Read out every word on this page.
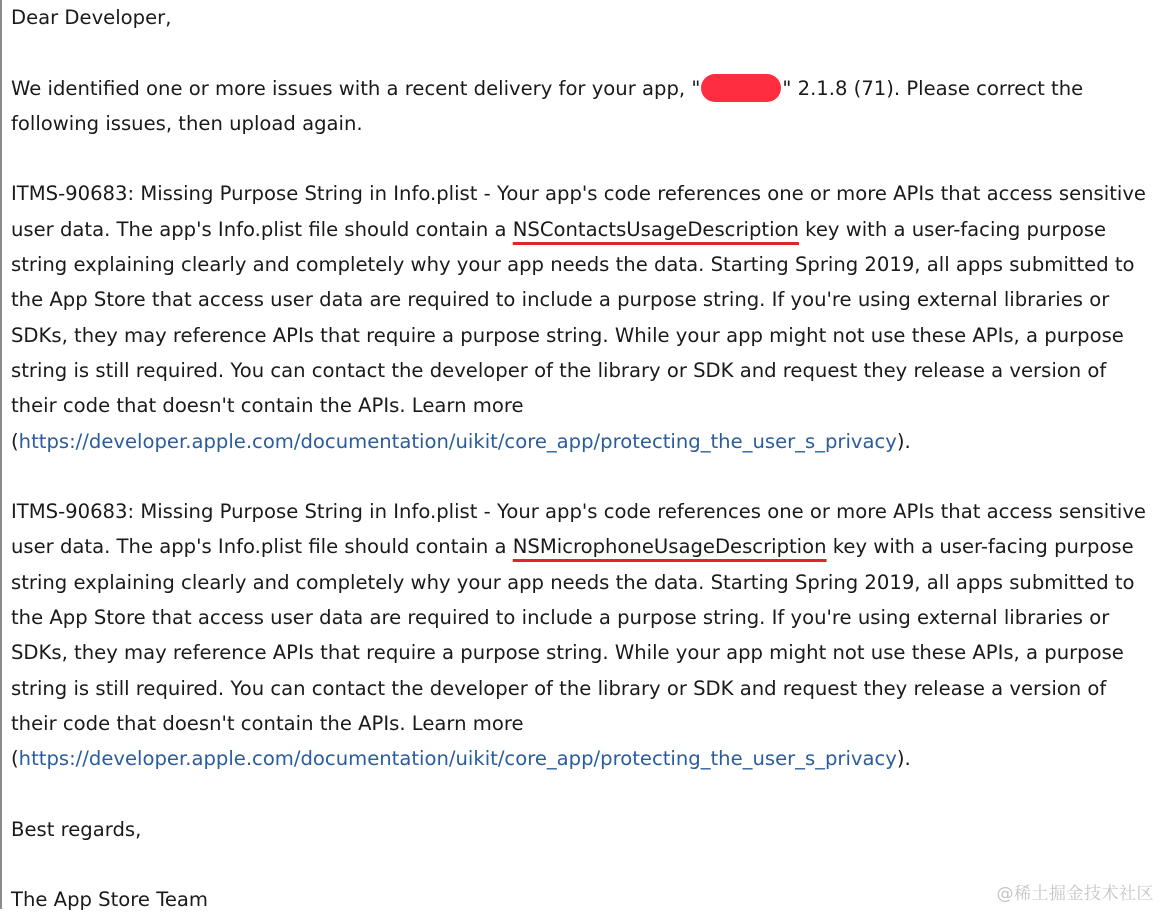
Dear Developer,

We identified one or more issues with a recent delivery for your app, "	" 2.1.8 (71). Please correct the following issues, then upload again.

ITMS-90683: Missing Purpose String in Info.plist - Your app's code references one or more APIs that access sensitive user data. The app's Info.plist file should contain a NSContactsUsageDescription key with a user-facing purpose string explaining clearly and completely why your app needs the data. Starting Spring 2019, all apps submitted to the App Store that access user data are required to include a purpose string. If you're using external libraries or SDKs, they may reference APIs that require a purpose string. While your app might not use these APIs, a purpose string is still required. You can contact the developer of the library or SDK and request they release a version of their code that doesn't contain the APIs. Learn more (https://developer.apple.com/documentation/uikit/core_app/protecting_the_user_s_privacy).

ITMS-90683: Missing Purpose String in Info.plist - Your app's code references one or more APIs that access sensitive user data. The app's Info.plist file should contain a NSMicrophoneUsageDescription key with a user-facing purpose string explaining clearly and completely why your app needs the data. Starting Spring 2019, all apps submitted to the App Store that access user data are required to include a purpose string. If you're using external libraries or SDKs, they may reference APIs that require a purpose string. While your app might not use these APIs, a purpose string is still required. You can contact the developer of the library or SDK and request they release a version of their code that doesn't contain the APIs. Learn more (https://developer.apple.com/documentation/uikit/core_app/protecting_the_user_s_privacy).

Best regards,

The App Store Team	@稀土掘金技术社区
